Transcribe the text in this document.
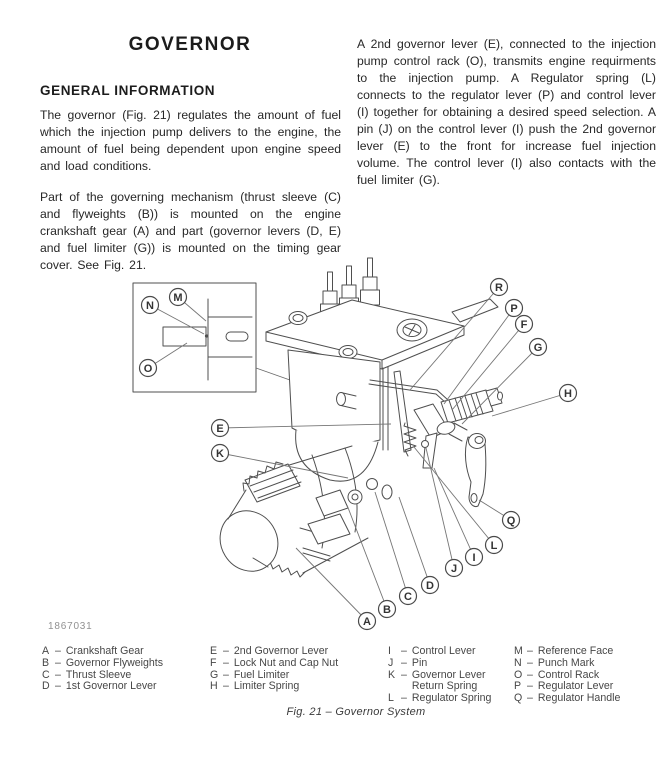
GOVERNOR
GENERAL INFORMATION

The governor (Fig. 21) regulates the amount of fuel which the injection pump delivers to the engine, the amount of fuel being dependent upon engine speed and load conditions.

Part of the governing mechanism (thrust sleeve (C) and flyweights (B)) is mounted on the engine crankshaft gear (A) and part (governor levers (D, E) and fuel limiter (G)) is mounted on the timing gear cover. See Fig. 21.

A 2nd governor lever (E), connected to the injection pump control rack (O), transmits engine requirments to the injection pump. A Regulator spring (L) connects to the regulator lever (P) and control lever (I) together for obtaining a desired speed selection. A pin (J) on the control lever (I) push the 2nd governor lever (E) to the front for increase fuel injection volume. The control lever (I) also contacts with the fuel limiter (G).

N
M
O
E
K
R
P
F
G
H
Q
L
I
J
D
C
B
A
1867031
A – Crankshaft Gear
B – Governor Flyweights
C – Thrust Sleeve
D – 1st Governor Lever
E – 2nd Governor Lever
F – Lock Nut and Cap Nut
G – Fuel Limiter
H – Limiter Spring
I – Control Lever
J – Pin
K – Governor Lever
Return Spring
L – Regulator Spring
M – Reference Face
N – Punch Mark
O – Control Rack
P – Regulator Lever
Q – Regulator Handle
Fig. 21 – Governor System
